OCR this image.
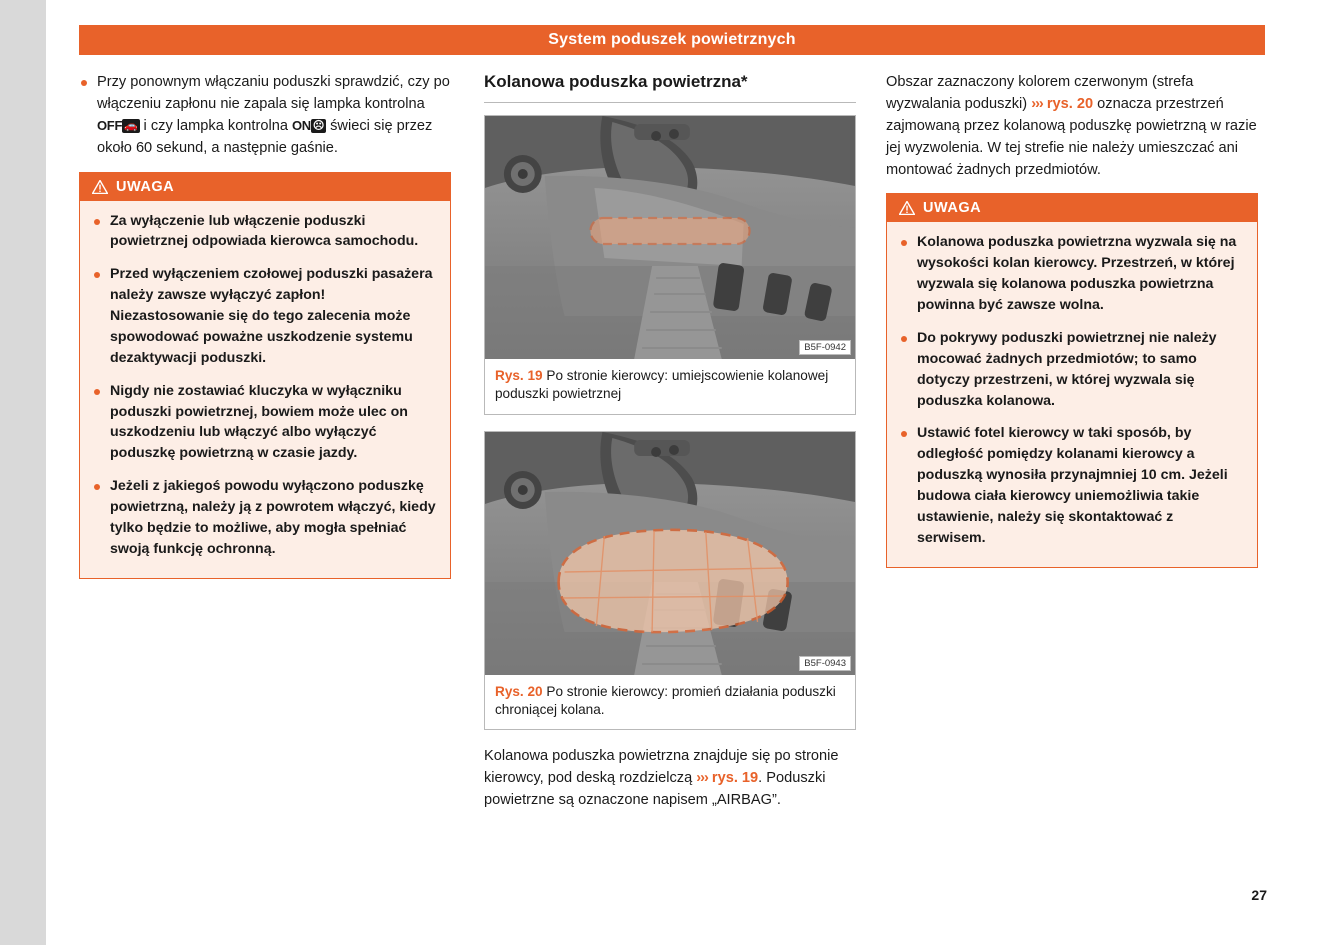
System poduszek powietrznych
Przy ponownym włączaniu poduszki sprawdzić, czy po włączeniu zapłonu nie zapala się lampka kontrolna OFF 🚗 i czy lampka kontrolna ON ☹ świeci się przez około 60 sekund, a następnie gaśnie.
UWAGA

Za wyłączenie lub włączenie poduszki powietrznej odpowiada kierowca samochodu.

Przed wyłączeniem czołowej poduszki pasażera należy zawsze wyłączyć zapłon! Niezastosowanie się do tego zalecenia może spowodować poważne uszkodzenie systemu dezaktywacji poduszki.

Nigdy nie zostawiać kluczyka w wyłączniku poduszki powietrznej, bowiem może ulec on uszkodzeniu lub włączyć albo wyłączyć poduszkę powietrzną w czasie jazdy.

Jeżeli z jakiegoś powodu wyłączono poduszkę powietrzną, należy ją z powrotem włączyć, kiedy tylko będzie to możliwe, aby mogła spełniać swoją funkcję ochronną.

Kolanowa poduszka powietrzna*
B5F-0942
Rys. 19 Po stronie kierowcy: umiejscowienie kolanowej poduszki powietrznej
B5F-0943
Rys. 20 Po stronie kierowcy: promień działania poduszki chroniącej kolana.

Kolanowa poduszka powietrzna znajduje się po stronie kierowcy, pod deską rozdzielczą ››› rys. 19. Poduszki powietrzne są oznaczone napisem „AIRBAG”.

Obszar zaznaczony kolorem czerwonym (strefa wyzwalania poduszki) ››› rys. 20 oznacza przestrzeń zajmowaną przez kolanową poduszkę powietrzną w razie jej wyzwolenia. W tej strefie nie należy umieszczać ani montować żadnych przedmiotów.

UWAGA

Kolanowa poduszka powietrzna wyzwala się na wysokości kolan kierowcy. Przestrzeń, w której wyzwala się kolanowa poduszka powietrzna powinna być zawsze wolna.

Do pokrywy poduszki powietrznej nie należy mocować żadnych przedmiotów; to samo dotyczy przestrzeni, w której wyzwala się poduszka kolanowa.

Ustawić fotel kierowcy w taki sposób, by odległość pomiędzy kolanami kierowcy a poduszką wynosiła przynajmniej 10 cm. Jeżeli budowa ciała kierowcy uniemożliwia takie ustawienie, należy się skontaktować z serwisem.

27
